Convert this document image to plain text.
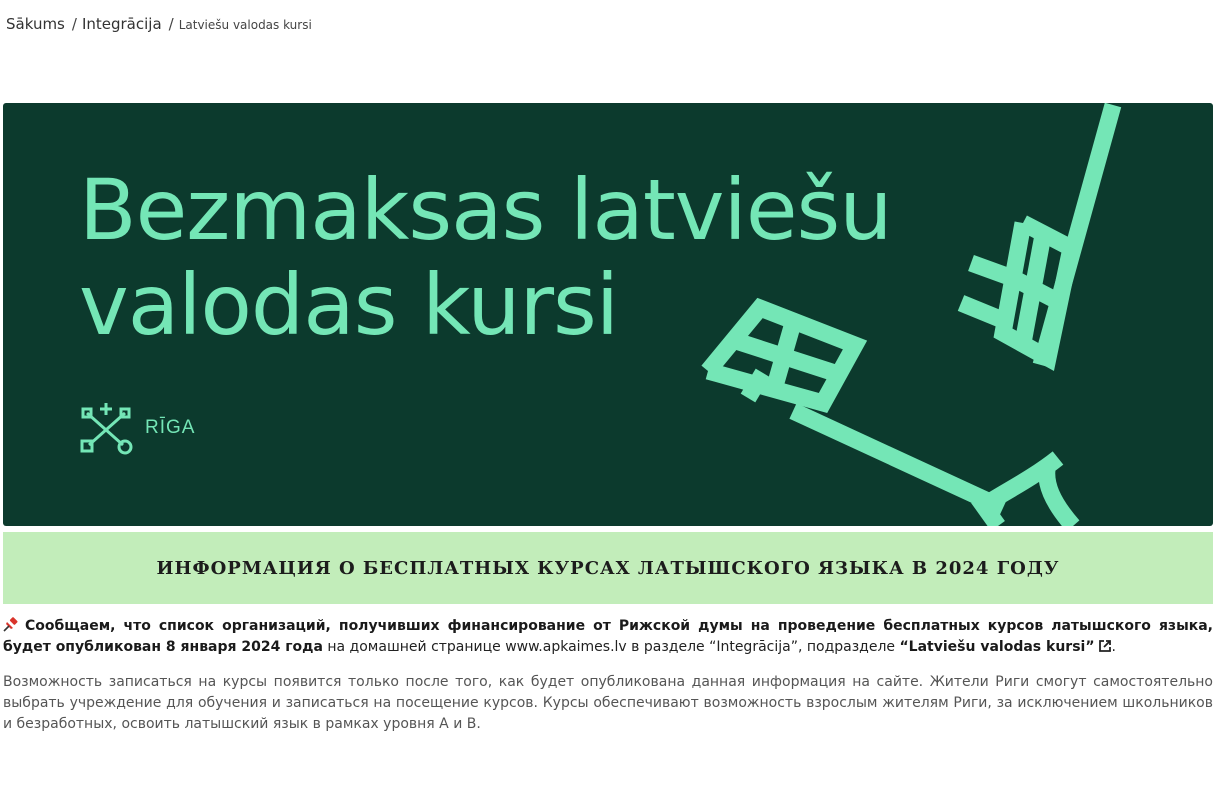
Sākums / Integrācija / Latviešu valodas kursi
Bezmaksas latviešu
valodas kursi
RĪGA
ИНФОРМАЦИЯ О БЕСПЛАТНЫХ КУРСАХ ЛАТЫШСКОГО ЯЗЫКА В 2024 ГОДУ

Сообщаем, что список организаций, получивших финансирование от Рижской думы на проведение бесплатных курсов латышского языка, будет опубликован 8 января 2024 года на домашней странице www.apkaimes.lv в разделе “Integrācija”, подразделе “Latviešu valodas kursi” .

Возможность записаться на курсы появится только после того, как будет опубликована данная информация на сайте. Жители Риги смогут самостоятельно выбрать учреждение для обучения и записаться на посещение курсов. Курсы обеспечивают возможность взрослым жителям Риги, за исключением школьников и безработных, освоить латышский язык в рамках уровня A и B.
